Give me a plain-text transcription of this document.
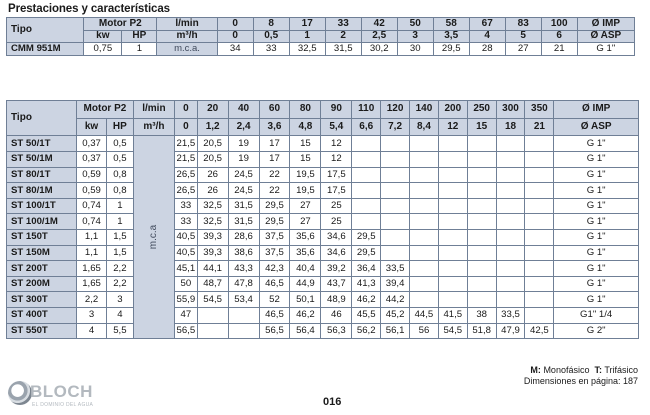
Prestaciones y características
Tipo	Motor P2		l/min	0	8	17	33	42	50	58	67	83	100	Ø IMP
	kw	HP	m³/h	0	0,5	1	2	2,5	3	3,5	4	5	6	Ø ASP
CMM 951M	0,75	1	m.c.a.	34	33	32,5	31,5	30,2	30	29,5	28	27	21	G 1"
Tipo	Motor P2		l/min	0	20	40	60	80	90	110	120	140	200	250	300	350	Ø IMP
	kw	HP	m³/h	0	1,2	2,4	3,6	4,8	5,4	6,6	7,2	8,4	12	15	18	21	Ø ASP
ST 50/1T	0,37	0,5	m.c.a	21,5	20,5	19	17	15	12								G 1"
ST 50/1M	0,37	0,5		21,5	20,5	19	17	15	12								G 1"
ST 80/1T	0,59	0,8		26,5	26	24,5	22	19,5	17,5								G 1"
ST 80/1M	0,59	0,8		26,5	26	24,5	22	19,5	17,5								G 1"
ST 100/1T	0,74	1		33	32,5	31,5	29,5	27	25								G 1"
ST 100/1M	0,74	1		33	32,5	31,5	29,5	27	25								G 1"
ST 150T	1,1	1,5		40,5	39,3	28,6	37,5	35,6	34,6	29,5							G 1"
ST 150M	1,1	1,5		40,5	39,3	38,6	37,5	35,6	34,6	29,5							G 1"
ST 200T	1,65	2,2		45,1	44,1	43,3	42,3	40,4	39,2	36,4	33,5						G 1"
ST 200M	1,65	2,2		50	48,7	47,8	46,5	44,9	43,7	41,3	39,4						G 1"
ST 300T	2,2	3		55,9	54,5	53,4	52	50,1	48,9	46,2	44,2						G 1"
ST 400T	3	4		47			46,5	46,2	46	45,5	45,2	44,5	41,5	38	33,5		G1" 1/4
ST 550T	4	5,5		56,5			56,5	56,4	56,3	56,2	56,1	56	54,5	51,8	47,9	42,5	G 2"
M: Monofásico T: Trifásico
Dimensiones en página: 187
016
BLOCH
EL DOMINIO DEL AGUA
